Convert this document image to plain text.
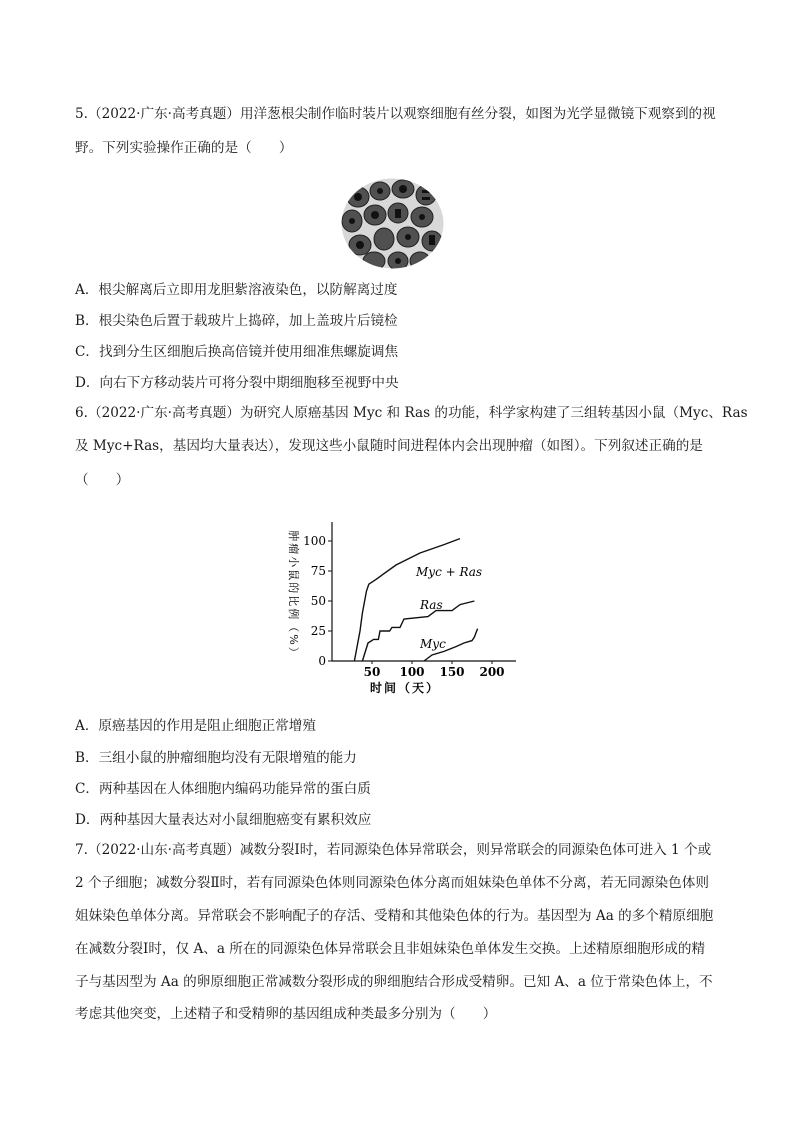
5.（2022·广东·高考真题）用洋葱根尖制作临时装片以观察细胞有丝分裂，如图为光学显微镜下观察到的视
野。下列实验操作正确的是（　　）
A．根尖解离后立即用龙胆紫溶液染色，以防解离过度
B．根尖染色后置于载玻片上捣碎，加上盖玻片后镜检
C．找到分生区细胞后换高倍镜并使用细准焦螺旋调焦
D．向右下方移动装片可将分裂中期细胞移至视野中央
6.（2022·广东·高考真题）为研究人原癌基因 Myc 和 Ras 的功能，科学家构建了三组转基因小鼠（Myc、Ras
及 Myc+Ras，基因均大量表达），发现这些小鼠随时间进程体内会出现肿瘤（如图）。下列叙述正确的是
（　　）
肿瘤小鼠的比例（%）
0
25
50
75
100
50 100 150 200
Myc + Ras
Ras
Myc
时间（天）
A．原癌基因的作用是阻止细胞正常增殖
B．三组小鼠的肿瘤细胞均没有无限增殖的能力
C．两种基因在人体细胞内编码功能异常的蛋白质
D．两种基因大量表达对小鼠细胞癌变有累积效应
7.（2022·山东·高考真题）减数分裂Ⅰ时，若同源染色体异常联会，则异常联会的同源染色体可进入 1 个或
2 个子细胞；减数分裂Ⅱ时，若有同源染色体则同源染色体分离而姐妹染色单体不分离，若无同源染色体则
姐妹染色单体分离。异常联会不影响配子的存活、受精和其他染色体的行为。基因型为 Aa 的多个精原细胞
在减数分裂Ⅰ时，仅 A、a 所在的同源染色体异常联会且非姐妹染色单体发生交换。上述精原细胞形成的精
子与基因型为 Aa 的卵原细胞正常减数分裂形成的卵细胞结合形成受精卵。已知 A、a 位于常染色体上，不
考虑其他突变，上述精子和受精卵的基因组成种类最多分别为（　　）
